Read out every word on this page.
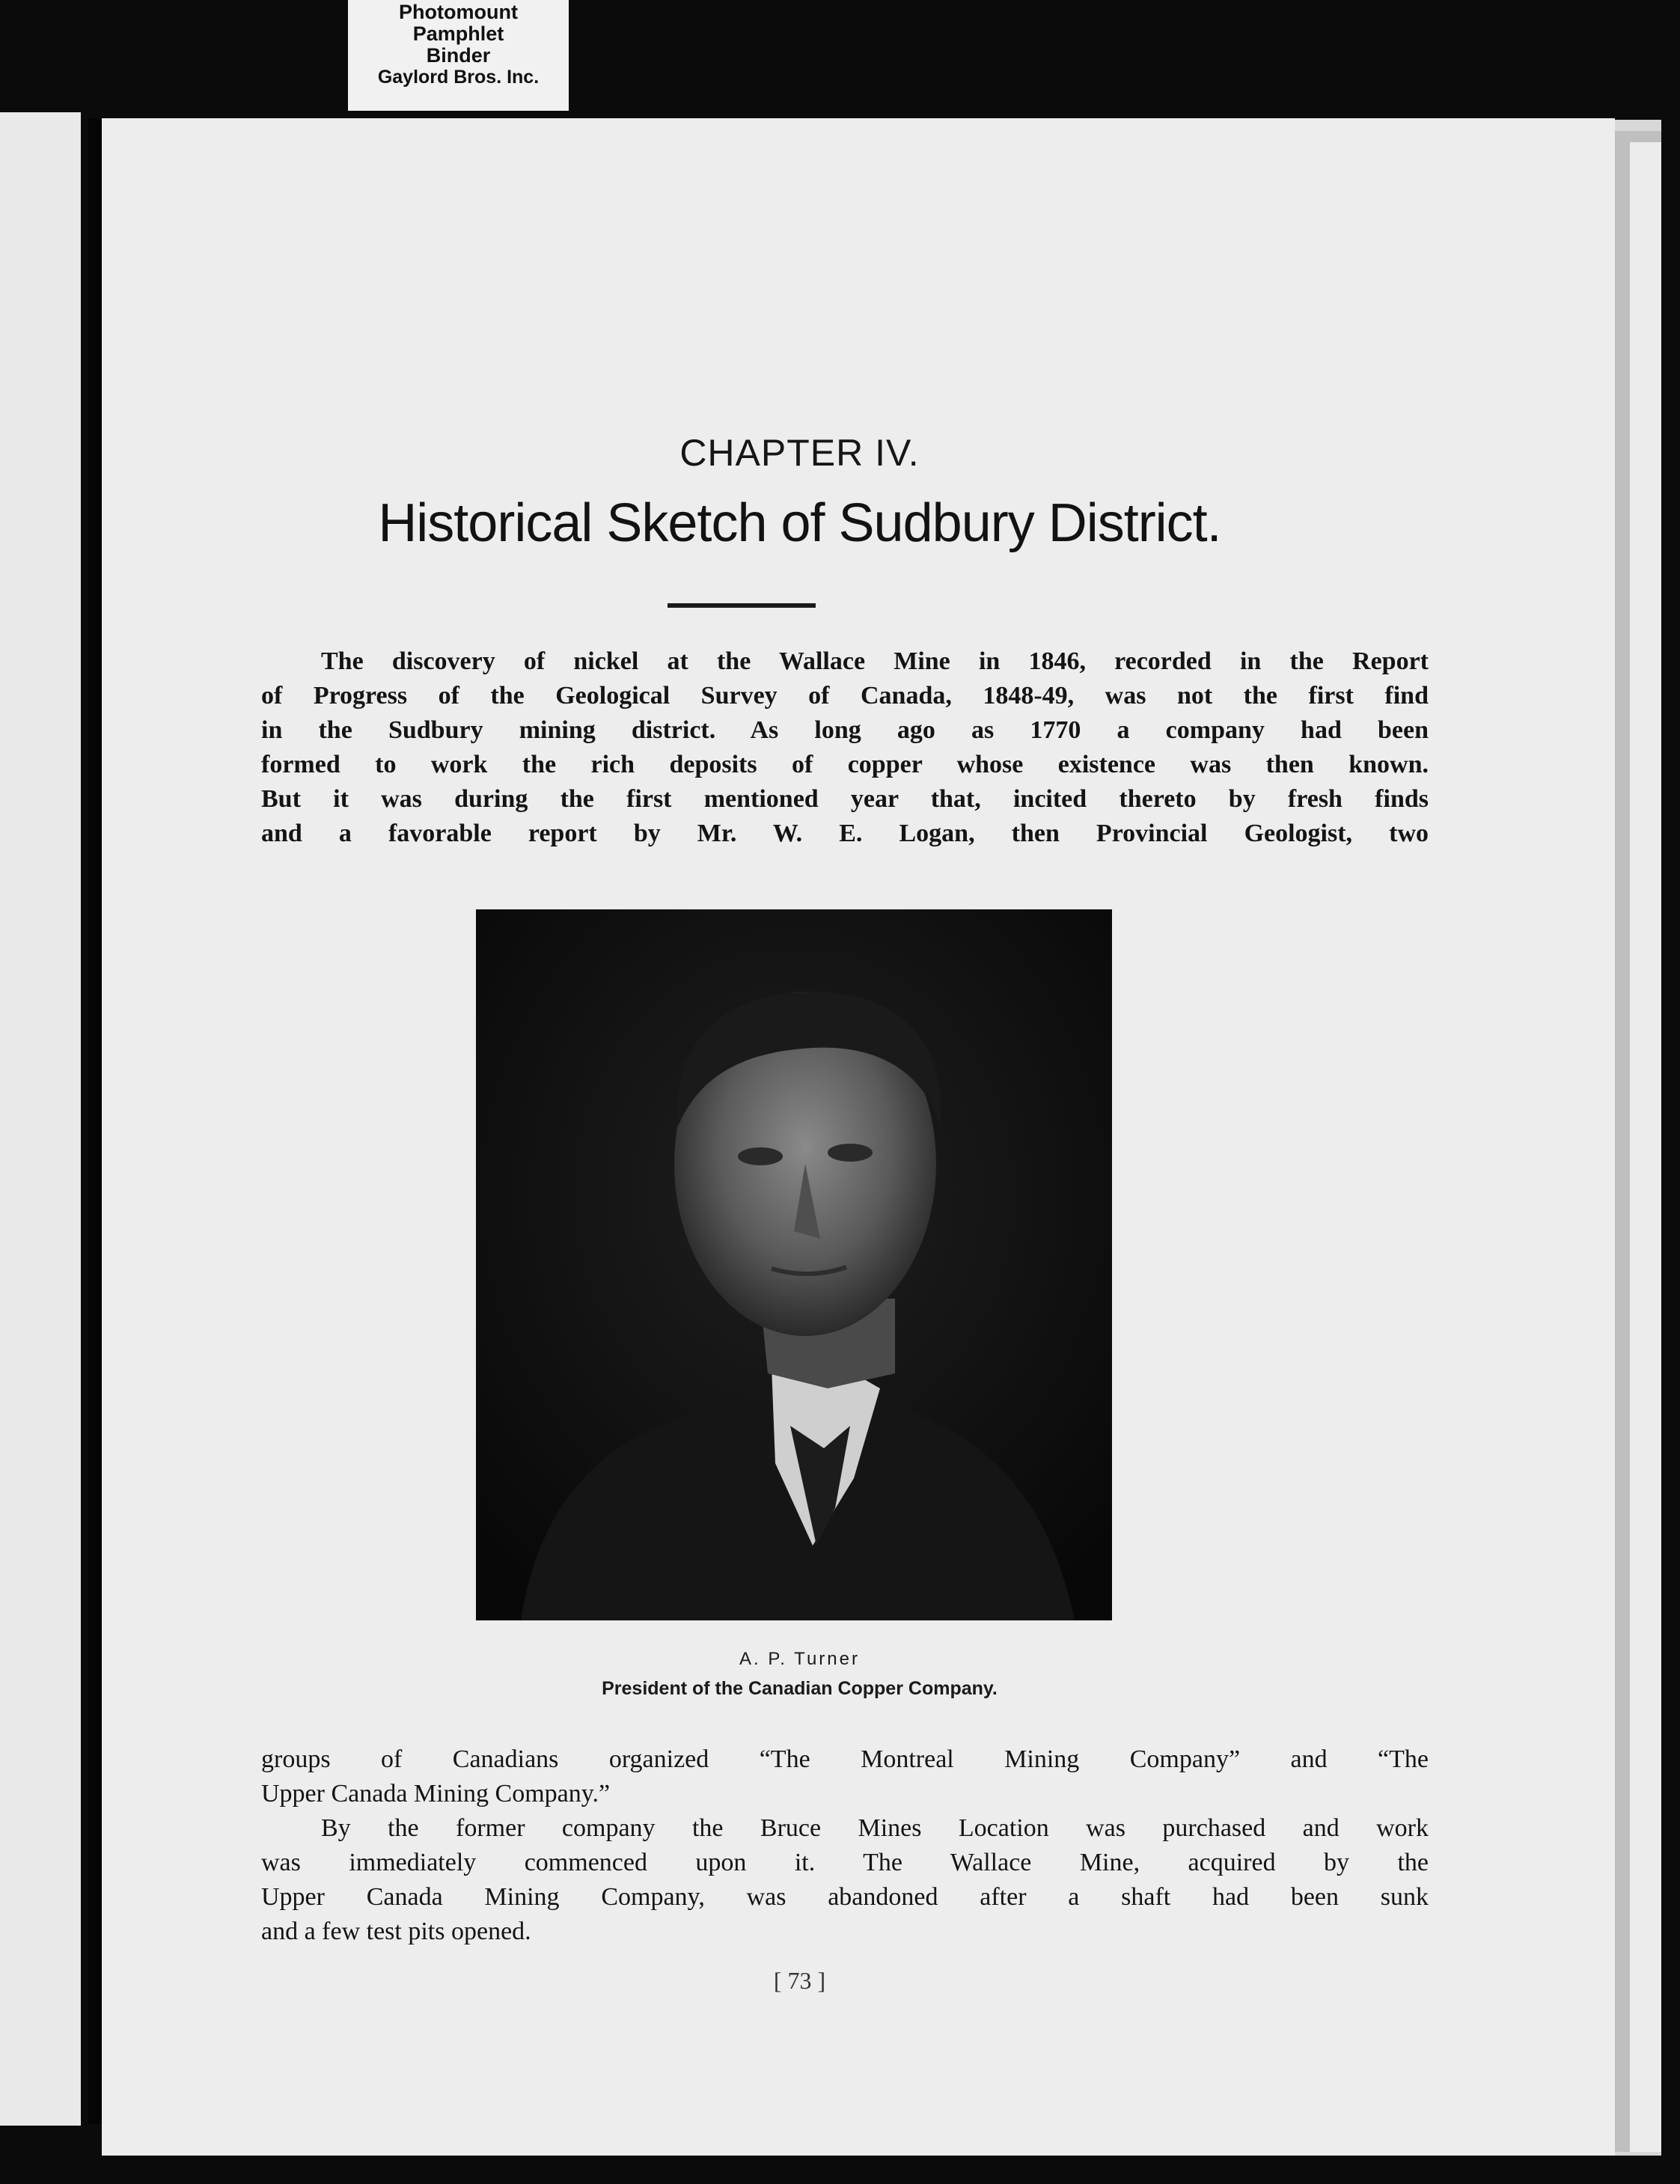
Photomount
Pamphlet
Binder
Gaylord Bros. Inc.
CHAPTER IV.
Historical Sketch of Sudbury District.
The discovery of nickel at the Wallace Mine in 1846, recorded in the Report
of Progress of the Geological Survey of Canada, 1848-49, was not the first find
in the Sudbury mining district. As long ago as 1770 a company had been
formed to work the rich deposits of copper whose existence was then known.
But it was during the first mentioned year that, incited thereto by fresh finds
and a favorable report by Mr. W. E. Logan, then Provincial Geologist, two
A. P. Turner
President of the Canadian Copper Company.
groups of Canadians organized “The Montreal Mining Company” and “The
Upper Canada Mining Company.”
By the former company the Bruce Mines Location was purchased and work
was immediately commenced upon it. The Wallace Mine, acquired by the
Upper Canada Mining Company, was abandoned after a shaft had been sunk
and a few test pits opened.
[ 73 ]
